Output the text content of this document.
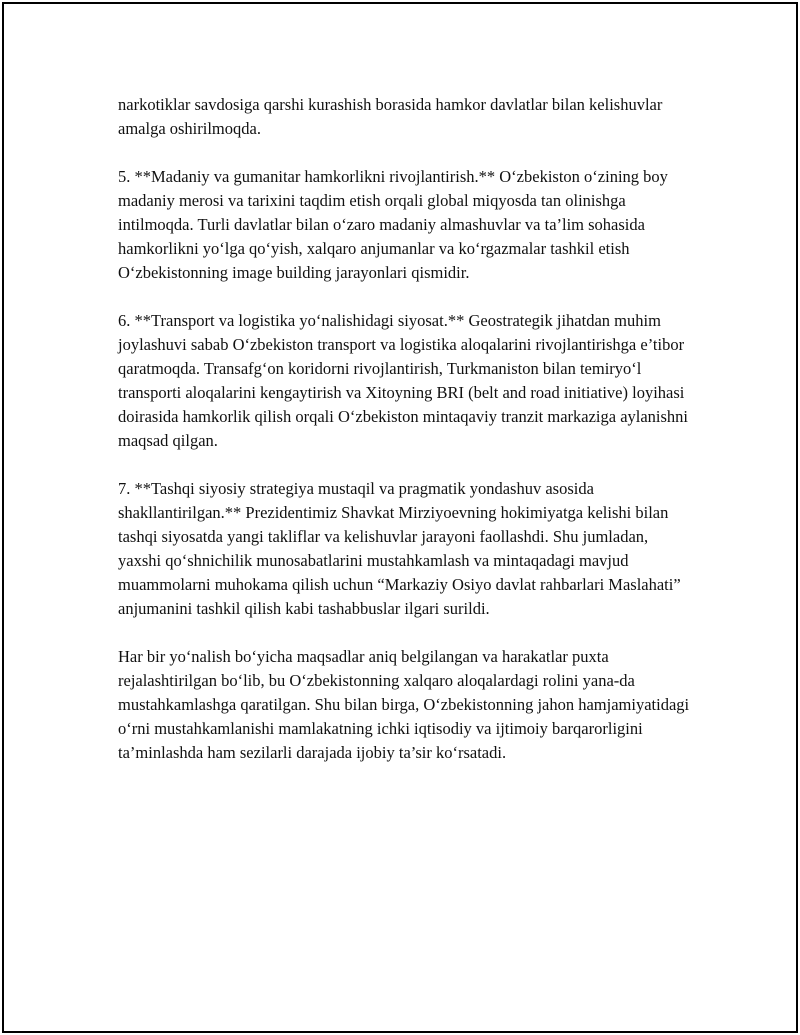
narkotiklar savdosiga qarshi kurashish borasida hamkor davlatlar bilan kelishuvlar amalga oshirilmoqda.

5. **Madaniy va gumanitar hamkorlikni rivojlantirish.** O‘zbekiston o‘zining boy madaniy merosi va tarixini taqdim etish orqali global miqyosda tan olinishga intilmoqda. Turli davlatlar bilan o‘zaro madaniy almashuvlar va ta’lim sohasida hamkorlikni yo‘lga qo‘yish, xalqaro anjumanlar va ko‘rgazmalar tashkil etish O‘zbekistonning image building jarayonlari qismidir.

6. **Transport va logistika yo‘nalishidagi siyosat.** Geostrategik jihatdan muhim joylashuvi sabab O‘zbekiston transport va logistika aloqalarini rivojlantirishga e’tibor qaratmoqda. Transafg‘on koridorni rivojlantirish, Turkmaniston bilan temiryo‘l transporti aloqalarini kengaytirish va Xitoyning BRI (belt and road initiative) loyihasi doirasida hamkorlik qilish orqali O‘zbekiston mintaqaviy tranzit markaziga aylanishni maqsad qilgan.

7. **Tashqi siyosiy strategiya mustaqil va pragmatik yondashuv asosida shakllantirilgan.** Prezidentimiz Shavkat Mirziyoevning hokimiyatga kelishi bilan tashqi siyosatda yangi takliflar va kelishuvlar jarayoni faollashdi. Shu jumladan, yaxshi qo‘shnichilik munosabatlarini mustahkamlash va mintaqadagi mavjud muammolarni muhokama qilish uchun “Markaziy Osiyo davlat rahbarlari Maslahati” anjumanini tashkil qilish kabi tashabbuslar ilgari surildi.

Har bir yo‘nalish bo‘yicha maqsadlar aniq belgilangan va harakatlar puxta rejalashtirilgan bo‘lib, bu O‘zbekistonning xalqaro aloqalardagi rolini yana-da mustahkamlashga qaratilgan. Shu bilan birga, O‘zbekistonning jahon hamjamiyatidagi o‘rni mustahkamlanishi mamlakatning ichki iqtisodiy va ijtimoiy barqarorligini ta’minlashda ham sezilarli darajada ijobiy ta’sir ko‘rsatadi.
